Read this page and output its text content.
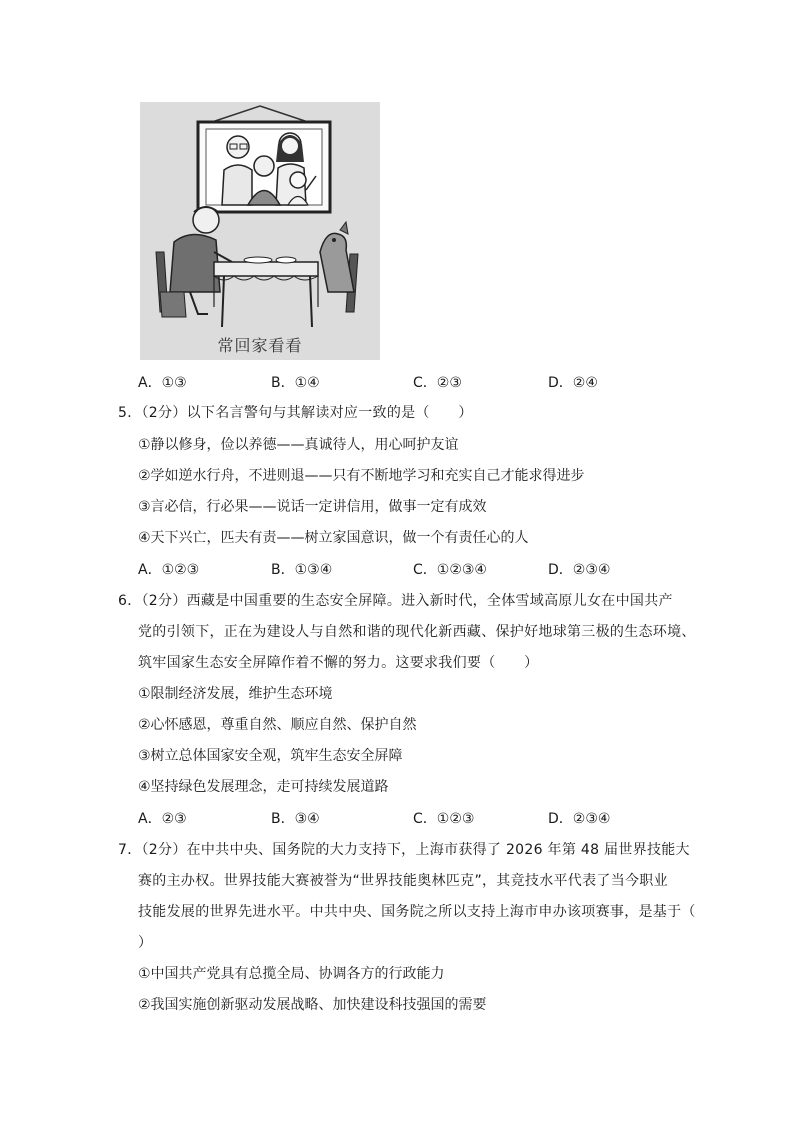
常回家看看
A．①③	B．①④	C．②③	D．②④
5．（2分）以下名言警句与其解读对应一致的是（　　）
①静以修身，俭以养德——真诚待人，用心呵护友谊
②学如逆水行舟，不进则退——只有不断地学习和充实自己才能求得进步
③言必信，行必果——说话一定讲信用，做事一定有成效
④天下兴亡，匹夫有责——树立家国意识，做一个有责任心的人
A．①②③	B．①③④	C．①②③④	D．②③④
6．（2分）西藏是中国重要的生态安全屏障。进入新时代，全体雪域高原儿女在中国共产
党的引领下，正在为建设人与自然和谐的现代化新西藏、保护好地球第三极的生态环境、
筑牢国家生态安全屏障作着不懈的努力。这要求我们要（　　）
①限制经济发展，维护生态环境
②心怀感恩，尊重自然、顺应自然、保护自然
③树立总体国家安全观，筑牢生态安全屏障
④坚持绿色发展理念，走可持续发展道路
A．②③	B．③④	C．①②③	D．②③④
7．（2分）在中共中央、国务院的大力支持下，上海市获得了 2026 年第 48 届世界技能大
赛的主办权。世界技能大赛被誉为“世界技能奥林匹克”，其竞技水平代表了当今职业
技能发展的世界先进水平。中共中央、国务院之所以支持上海市申办该项赛事，是基于（
）
①中国共产党具有总揽全局、协调各方的行政能力
②我国实施创新驱动发展战略、加快建设科技强国的需要
